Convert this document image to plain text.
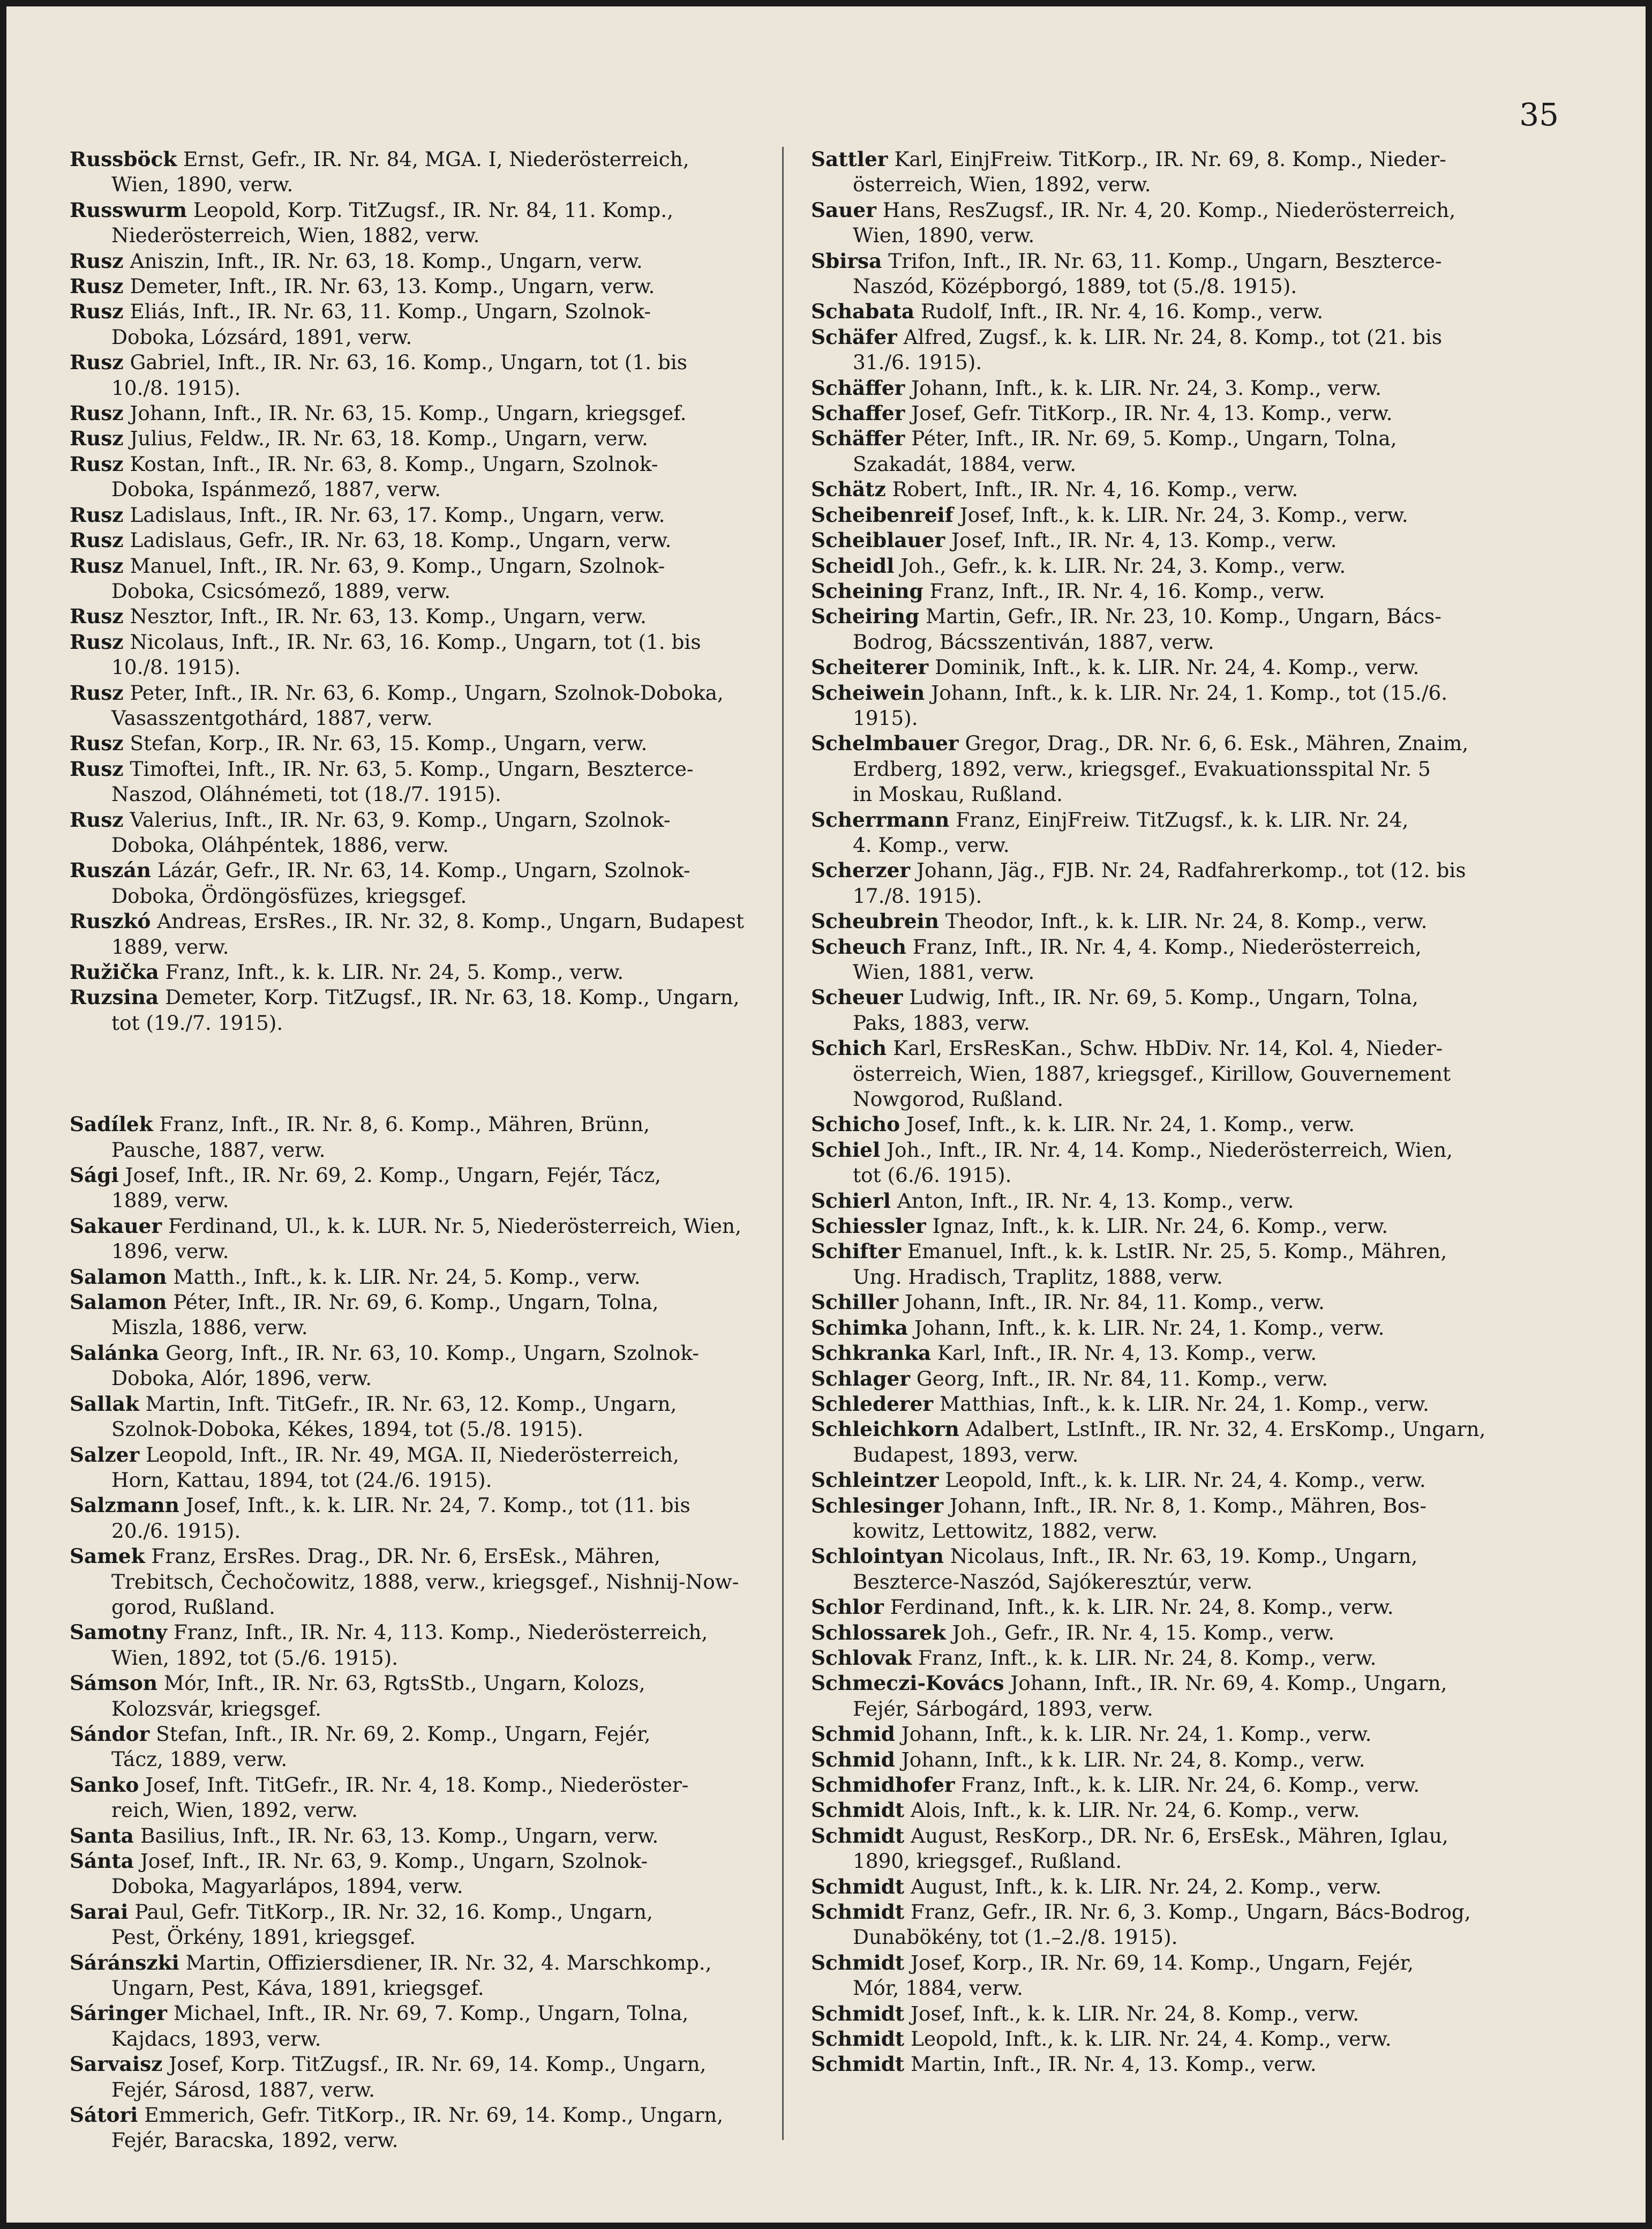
35
Russböck Ernst, Gefr., IR. Nr. 84, MGA. I, Niederösterreich,
Wien, 1890, verw.
Russwurm Leopold, Korp. TitZugsf., IR. Nr. 84, 11. Komp.,
Niederösterreich, Wien, 1882, verw.
Rusz Aniszin, Inft., IR. Nr. 63, 18. Komp., Ungarn, verw.
Rusz Demeter, Inft., IR. Nr. 63, 13. Komp., Ungarn, verw.
Rusz Eliás, Inft., IR. Nr. 63, 11. Komp., Ungarn, Szolnok-
Doboka, Lózsárd, 1891, verw.
Rusz Gabriel, Inft., IR. Nr. 63, 16. Komp., Ungarn, tot (1. bis
10./8. 1915).
Rusz Johann, Inft., IR. Nr. 63, 15. Komp., Ungarn, kriegsgef.
Rusz Julius, Feldw., IR. Nr. 63, 18. Komp., Ungarn, verw.
Rusz Kostan, Inft., IR. Nr. 63, 8. Komp., Ungarn, Szolnok-
Doboka, Ispánmező, 1887, verw.
Rusz Ladislaus, Inft., IR. Nr. 63, 17. Komp., Ungarn, verw.
Rusz Ladislaus, Gefr., IR. Nr. 63, 18. Komp., Ungarn, verw.
Rusz Manuel, Inft., IR. Nr. 63, 9. Komp., Ungarn, Szolnok-
Doboka, Csicsómező, 1889, verw.
Rusz Nesztor, Inft., IR. Nr. 63, 13. Komp., Ungarn, verw.
Rusz Nicolaus, Inft., IR. Nr. 63, 16. Komp., Ungarn, tot (1. bis
10./8. 1915).
Rusz Peter, Inft., IR. Nr. 63, 6. Komp., Ungarn, Szolnok-Doboka,
Vasasszentgothárd, 1887, verw.
Rusz Stefan, Korp., IR. Nr. 63, 15. Komp., Ungarn, verw.
Rusz Timoftei, Inft., IR. Nr. 63, 5. Komp., Ungarn, Beszterce-
Naszod, Oláhnémeti, tot (18./7. 1915).
Rusz Valerius, Inft., IR. Nr. 63, 9. Komp., Ungarn, Szolnok-
Doboka, Oláhpéntek, 1886, verw.
Ruszán Lázár, Gefr., IR. Nr. 63, 14. Komp., Ungarn, Szolnok-
Doboka, Ördöngösfüzes, kriegsgef.
Ruszkó Andreas, ErsRes., IR. Nr. 32, 8. Komp., Ungarn, Budapest
1889, verw.
Ružička Franz, Inft., k. k. LIR. Nr. 24, 5. Komp., verw.
Ruzsina Demeter, Korp. TitZugsf., IR. Nr. 63, 18. Komp., Ungarn,
tot (19./7. 1915).
Sadílek Franz, Inft., IR. Nr. 8, 6. Komp., Mähren, Brünn,
Pausche, 1887, verw.
Sági Josef, Inft., IR. Nr. 69, 2. Komp., Ungarn, Fejér, Tácz,
1889, verw.
Sakauer Ferdinand, Ul., k. k. LUR. Nr. 5, Niederösterreich, Wien,
1896, verw.
Salamon Matth., Inft., k. k. LIR. Nr. 24, 5. Komp., verw.
Salamon Péter, Inft., IR. Nr. 69, 6. Komp., Ungarn, Tolna,
Miszla, 1886, verw.
Salánka Georg, Inft., IR. Nr. 63, 10. Komp., Ungarn, Szolnok-
Doboka, Alór, 1896, verw.
Sallak Martin, Inft. TitGefr., IR. Nr. 63, 12. Komp., Ungarn,
Szolnok-Doboka, Kékes, 1894, tot (5./8. 1915).
Salzer Leopold, Inft., IR. Nr. 49, MGA. II, Niederösterreich,
Horn, Kattau, 1894, tot (24./6. 1915).
Salzmann Josef, Inft., k. k. LIR. Nr. 24, 7. Komp., tot (11. bis
20./6. 1915).
Samek Franz, ErsRes. Drag., DR. Nr. 6, ErsEsk., Mähren,
Trebitsch, Čechočowitz, 1888, verw., kriegsgef., Nishnij-Now-
gorod, Rußland.
Samotny Franz, Inft., IR. Nr. 4, 113. Komp., Niederösterreich,
Wien, 1892, tot (5./6. 1915).
Sámson Mór, Inft., IR. Nr. 63, RgtsStb., Ungarn, Kolozs,
Kolozsvár, kriegsgef.
Sándor Stefan, Inft., IR. Nr. 69, 2. Komp., Ungarn, Fejér,
Tácz, 1889, verw.
Sanko Josef, Inft. TitGefr., IR. Nr. 4, 18. Komp., Niederöster-
reich, Wien, 1892, verw.
Santa Basilius, Inft., IR. Nr. 63, 13. Komp., Ungarn, verw.
Sánta Josef, Inft., IR. Nr. 63, 9. Komp., Ungarn, Szolnok-
Doboka, Magyarlápos, 1894, verw.
Sarai Paul, Gefr. TitKorp., IR. Nr. 32, 16. Komp., Ungarn,
Pest, Örkény, 1891, kriegsgef.
Sáránszki Martin, Offiziersdiener, IR. Nr. 32, 4. Marschkomp.,
Ungarn, Pest, Káva, 1891, kriegsgef.
Sáringer Michael, Inft., IR. Nr. 69, 7. Komp., Ungarn, Tolna,
Kajdacs, 1893, verw.
Sarvaisz Josef, Korp. TitZugsf., IR. Nr. 69, 14. Komp., Ungarn,
Fejér, Sárosd, 1887, verw.
Sátori Emmerich, Gefr. TitKorp., IR. Nr. 69, 14. Komp., Ungarn,
Fejér, Baracska, 1892, verw.
Sattler Karl, EinjFreiw. TitKorp., IR. Nr. 69, 8. Komp., Nieder-
österreich, Wien, 1892, verw.
Sauer Hans, ResZugsf., IR. Nr. 4, 20. Komp., Niederösterreich,
Wien, 1890, verw.
Sbirsa Trifon, Inft., IR. Nr. 63, 11. Komp., Ungarn, Beszterce-
Naszód, Középborgó, 1889, tot (5./8. 1915).
Schabata Rudolf, Inft., IR. Nr. 4, 16. Komp., verw.
Schäfer Alfred, Zugsf., k. k. LIR. Nr. 24, 8. Komp., tot (21. bis
31./6. 1915).
Schäffer Johann, Inft., k. k. LIR. Nr. 24, 3. Komp., verw.
Schaffer Josef, Gefr. TitKorp., IR. Nr. 4, 13. Komp., verw.
Schäffer Péter, Inft., IR. Nr. 69, 5. Komp., Ungarn, Tolna,
Szakadát, 1884, verw.
Schätz Robert, Inft., IR. Nr. 4, 16. Komp., verw.
Scheibenreif Josef, Inft., k. k. LIR. Nr. 24, 3. Komp., verw.
Scheiblauer Josef, Inft., IR. Nr. 4, 13. Komp., verw.
Scheidl Joh., Gefr., k. k. LIR. Nr. 24, 3. Komp., verw.
Scheining Franz, Inft., IR. Nr. 4, 16. Komp., verw.
Scheiring Martin, Gefr., IR. Nr. 23, 10. Komp., Ungarn, Bács-
Bodrog, Bácsszentiván, 1887, verw.
Scheiterer Dominik, Inft., k. k. LIR. Nr. 24, 4. Komp., verw.
Scheiwein Johann, Inft., k. k. LIR. Nr. 24, 1. Komp., tot (15./6.
1915).
Schelmbauer Gregor, Drag., DR. Nr. 6, 6. Esk., Mähren, Znaim,
Erdberg, 1892, verw., kriegsgef., Evakuationsspital Nr. 5
in Moskau, Rußland.
Scherrmann Franz, EinjFreiw. TitZugsf., k. k. LIR. Nr. 24,
4. Komp., verw.
Scherzer Johann, Jäg., FJB. Nr. 24, Radfahrerkomp., tot (12. bis
17./8. 1915).
Scheubrein Theodor, Inft., k. k. LIR. Nr. 24, 8. Komp., verw.
Scheuch Franz, Inft., IR. Nr. 4, 4. Komp., Niederösterreich,
Wien, 1881, verw.
Scheuer Ludwig, Inft., IR. Nr. 69, 5. Komp., Ungarn, Tolna,
Paks, 1883, verw.
Schich Karl, ErsResKan., Schw. HbDiv. Nr. 14, Kol. 4, Nieder-
österreich, Wien, 1887, kriegsgef., Kirillow, Gouvernement
Nowgorod, Rußland.
Schicho Josef, Inft., k. k. LIR. Nr. 24, 1. Komp., verw.
Schiel Joh., Inft., IR. Nr. 4, 14. Komp., Niederösterreich, Wien,
tot (6./6. 1915).
Schierl Anton, Inft., IR. Nr. 4, 13. Komp., verw.
Schiessler Ignaz, Inft., k. k. LIR. Nr. 24, 6. Komp., verw.
Schifter Emanuel, Inft., k. k. LstIR. Nr. 25, 5. Komp., Mähren,
Ung. Hradisch, Traplitz, 1888, verw.
Schiller Johann, Inft., IR. Nr. 84, 11. Komp., verw.
Schimka Johann, Inft., k. k. LIR. Nr. 24, 1. Komp., verw.
Schkranka Karl, Inft., IR. Nr. 4, 13. Komp., verw.
Schlager Georg, Inft., IR. Nr. 84, 11. Komp., verw.
Schlederer Matthias, Inft., k. k. LIR. Nr. 24, 1. Komp., verw.
Schleichkorn Adalbert, LstInft., IR. Nr. 32, 4. ErsKomp., Ungarn,
Budapest, 1893, verw.
Schleintzer Leopold, Inft., k. k. LIR. Nr. 24, 4. Komp., verw.
Schlesinger Johann, Inft., IR. Nr. 8, 1. Komp., Mähren, Bos-
kowitz, Lettowitz, 1882, verw.
Schlointyan Nicolaus, Inft., IR. Nr. 63, 19. Komp., Ungarn,
Beszterce-Naszód, Sajókeresztúr, verw.
Schlor Ferdinand, Inft., k. k. LIR. Nr. 24, 8. Komp., verw.
Schlossarek Joh., Gefr., IR. Nr. 4, 15. Komp., verw.
Schlovak Franz, Inft., k. k. LIR. Nr. 24, 8. Komp., verw.
Schmeczi-Kovács Johann, Inft., IR. Nr. 69, 4. Komp., Ungarn,
Fejér, Sárbogárd, 1893, verw.
Schmid Johann, Inft., k. k. LIR. Nr. 24, 1. Komp., verw.
Schmid Johann, Inft., k k. LIR. Nr. 24, 8. Komp., verw.
Schmidhofer Franz, Inft., k. k. LIR. Nr. 24, 6. Komp., verw.
Schmidt Alois, Inft., k. k. LIR. Nr. 24, 6. Komp., verw.
Schmidt August, ResKorp., DR. Nr. 6, ErsEsk., Mähren, Iglau,
1890, kriegsgef., Rußland.
Schmidt August, Inft., k. k. LIR. Nr. 24, 2. Komp., verw.
Schmidt Franz, Gefr., IR. Nr. 6, 3. Komp., Ungarn, Bács-Bodrog,
Dunabökény, tot (1.–2./8. 1915).
Schmidt Josef, Korp., IR. Nr. 69, 14. Komp., Ungarn, Fejér,
Mór, 1884, verw.
Schmidt Josef, Inft., k. k. LIR. Nr. 24, 8. Komp., verw.
Schmidt Leopold, Inft., k. k. LIR. Nr. 24, 4. Komp., verw.
Schmidt Martin, Inft., IR. Nr. 4, 13. Komp., verw.
